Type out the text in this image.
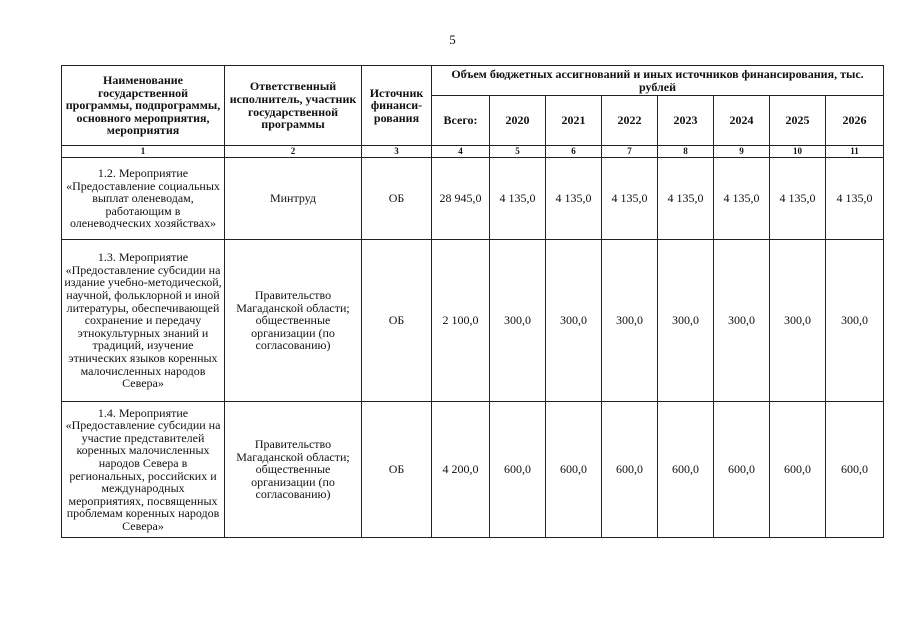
5
Наименование государственной программы, подпрограммы, основного мероприятия, мероприятия	Ответственный исполнитель, участник государственной программы	Источник финанси-рования	Объем бюджетных ассигнований и иных источников финансирования, тыс. рублей							
			Всего:	2020	2021	2022	2023	2024	2025	2026
1	2	3	4	5	6	7	8	9	10	11
1.2. Мероприятие «Предоставление социальных выплат оленеводам, работающим в оленеводческих хозяйствах»	Минтруд	ОБ	28 945,0	4 135,0	4 135,0	4 135,0	4 135,0	4 135,0	4 135,0	4 135,0
1.3. Мероприятие «Предоставление субсидии на издание учебно-методической, научной, фольклорной и иной литературы, обеспечивающей сохранение и передачу этнокультурных знаний и традиций, изучение этнических языков коренных малочисленных народов Севера»	Правительство Магаданской области; общественные организации (по согласованию)	ОБ	2 100,0	300,0	300,0	300,0	300,0	300,0	300,0	300,0
1.4. Мероприятие «Предоставление субсидии на участие представителей коренных малочисленных народов Севера в региональных, российских и международных мероприятиях, посвященных проблемам коренных народов Севера»	Правительство Магаданской области; общественные организации (по согласованию)	ОБ	4 200,0	600,0	600,0	600,0	600,0	600,0	600,0	600,0
